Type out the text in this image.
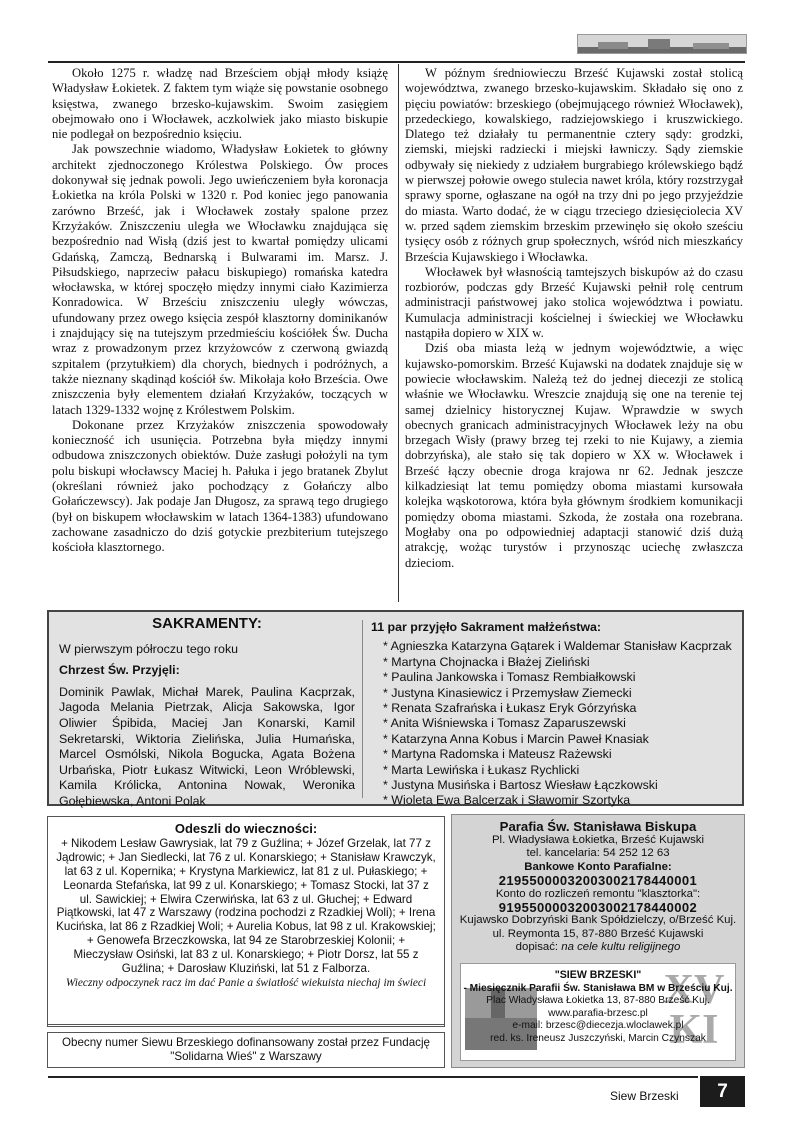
Około 1275 r. władzę nad Brześciem objął młody książę Władysław Łokietek. Z faktem tym wiąże się powstanie osobnego księstwa, zwanego brzesko-kujawskim. Swoim zasięgiem obejmowało ono i Włocławek, aczkolwiek jako miasto biskupie nie podlegał on bezpośrednio księciu.

Jak powszechnie wiadomo, Władysław Łokietek to główny architekt zjednoczonego Królestwa Polskiego. Ów proces dokonywał się jednak powoli. Jego uwieńczeniem była koronacja Łokietka na króla Polski w 1320 r. Pod koniec jego panowania zarówno Brześć, jak i Włocławek zostały spalone przez Krzyżaków. Zniszczeniu uległa we Włocławku znajdująca się bezpośrednio nad Wisłą (dziś jest to kwartał pomiędzy ulicami Gdańską, Zamczą, Bednarską i Bulwarami im. Marsz. J. Piłsudskiego, naprzeciw pałacu biskupiego) romańska katedra włocławska, w której spoczęło między innymi ciało Kazimierza Konradowica. W Brześciu zniszczeniu uległy wówczas, ufundowany przez owego księcia zespół klasztorny dominikanów i znajdujący się na tutejszym przedmieściu kościółek Św. Ducha wraz z prowadzonym przez krzyżowców z czerwoną gwiazdą szpitalem (przytułkiem) dla chorych, biednych i podróżnych, a także nieznany skądinąd kościół św. Mikołaja koło Brześcia. Owe zniszczenia były elementem działań Krzyżaków, toczących w latach 1329-1332 wojnę z Królestwem Polskim.

Dokonane przez Krzyżaków zniszczenia spowodowały konieczność ich usunięcia. Potrzebna była między innymi odbudowa zniszczonych obiektów. Duże zasługi położyli na tym polu biskupi włocławscy Maciej h. Pałuka i jego bratanek Zbylut (określani również jako pochodzący z Gołańczy albo Gołańczewscy). Jak podaje Jan Długosz, za sprawą tego drugiego (był on biskupem włocławskim w latach 1364-1383) ufundowano zachowane zasadniczo do dziś gotyckie prezbiterium tutejszego kościoła klasztornego.

W późnym średniowieczu Brześć Kujawski został stolicą województwa, zwanego brzesko-kujawskim. Składało się ono z pięciu powiatów: brzeskiego (obejmującego również Włocławek), przedeckiego, kowalskiego, radziejowskiego i kruszwickiego. Dlatego też działały tu permanentnie cztery sądy: grodzki, ziemski, miejski radziecki i miejski ławniczy. Sądy ziemskie odbywały się niekiedy z udziałem burgrabiego królewskiego bądź w pierwszej połowie owego stulecia nawet króla, który rozstrzygał sprawy sporne, ogłaszane na ogół na trzy dni po jego przyjeździe do miasta. Warto dodać, że w ciągu trzeciego dziesięciolecia XV w. przed sądem ziemskim brzeskim przewinęło się około sześciu tysięcy osób z różnych grup społecznych, wśród nich mieszkańcy Brześcia Kujawskiego i Włocławka.

Włocławek był własnością tamtejszych biskupów aż do czasu rozbiorów, podczas gdy Brześć Kujawski pełnił rolę centrum administracji państwowej jako stolica województwa i powiatu. Kumulacja administracji kościelnej i świeckiej we Włocławku nastąpiła dopiero w XIX w.

Dziś oba miasta leżą w jednym województwie, a więc kujawsko-pomorskim. Brześć Kujawski na dodatek znajduje się w powiecie włocławskim. Należą też do jednej diecezji ze stolicą właśnie we Włocławku. Wreszcie znajdują się one na terenie tej samej dzielnicy historycznej Kujaw. Wprawdzie w swych obecnych granicach administracyjnych Włocławek leży na obu brzegach Wisły (prawy brzeg tej rzeki to nie Kujawy, a ziemia dobrzyńska), ale stało się tak dopiero w XX w. Włocławek i Brześć łączy obecnie droga krajowa nr 62. Jednak jeszcze kilkadziesiąt lat temu pomiędzy oboma miastami kursowała kolejka wąskotorowa, która była głównym środkiem komunikacji pomiędzy oboma miastami. Szkoda, że została ona rozebrana. Mogłaby ona po odpowiedniej adaptacji stanowić dziś dużą atrakcję, wożąc turystów i przynosząc uciechę zwłaszcza dzieciom.

SAKRAMENTY:
W pierwszym półroczu tego roku
Chrzest Św. Przyjęli:
Dominik Pawlak, Michał Marek, Paulina Kacprzak, Jagoda Melania Pietrzak, Alicja Sakowska, Igor Oliwier Śpibida, Maciej Jan Konarski, Kamil Sekretarski, Wiktoria Zielińska, Julia Humańska, Marcel Osmólski, Nikola Bogucka, Agata Bożena Urbańska, Piotr Łukasz Witwicki, Leon Wróblewski, Kamila Królicka, Antonina Nowak, Weronika Gołębiewska, Antoni Polak
11 par przyjęło Sakrament małżeństwa:
* Agnieszka Katarzyna Gątarek i Waldemar Stanisław Kacprzak
* Martyna Chojnacka i Błażej Zieliński
* Paulina Jankowska i Tomasz Rembiałkowski
* Justyna Kinasiewicz i Przemysław Ziemecki
* Renata Szafrańska i Łukasz Eryk Górzyńska
* Anita Wiśniewska i Tomasz Zaparuszewski
* Katarzyna Anna Kobus i Marcin Paweł Knasiak
* Martyna Radomska i Mateusz Rażewski
* Marta Lewińska i Łukasz Rychlicki
* Justyna Musińska i Bartosz Wiesław Łączkowski
* Wioleta Ewa Balcerzak i Sławomir Szortyka
Odeszli do wieczności:
+ Nikodem Lesław Gawrysiak, lat 79 z Guźlina; + Józef Grzelak, lat 77 z Jądrowic; + Jan Siedlecki, lat 76 z ul. Konarskiego; + Stanisław Krawczyk, lat 63 z ul. Kopernika; + Krystyna Markiewicz, lat 81 z ul. Pułaskiego; + Leonarda Stefańska, lat 99 z ul. Konarskiego; + Tomasz Stocki, lat 37 z ul. Sawickiej; + Elwira Czerwińska, lat 63 z ul. Głuchej; + Edward Piątkowski, lat 47 z Warszawy (rodzina pochodzi z Rzadkiej Woli); + Irena Kucińska, lat 86 z Rzadkiej Woli; + Aurelia Kobus, lat 98 z ul. Krakowskiej; + Genowefa Brzeczkowska, lat 94 ze Starobrzeskiej Kolonii; + Mieczysław Osiński, lat 83 z ul. Konarskiego; + Piotr Dorsz, lat 55 z Guźlina; + Darosław Kluziński, lat 51 z Falborza.
Wieczny odpoczynek racz im dać Panie a światłość wiekuista niechaj im świeci
Obecny numer Siewu Brzeskiego dofinansowany został przez Fundację "Solidarna Wieś" z Warszawy
Parafia Św. Stanisława Biskupa
Pl. Władysława Łokietka, Brześć Kujawski
tel. kancelaria: 54 252 12 63
Bankowe Konto Parafialne:
21955000032003002178440001
Konto do rozliczeń remontu "klasztorka":
91955000032003002178440002
Kujawsko Dobrzyński Bank Spółdzielczy, o/Brześć Kuj.
ul. Reymonta 15, 87-880 Brześć Kujawski
dopisać: na cele kultu religijnego
XV
KI
"SIEW BRZESKI"
- Miesięcznik Parafii Św. Stanisława BM w Brześciu Kuj.
Plac Władysława Łokietka 13, 87-880 Brześć Kuj.
www.parafia-brzesc.pl
e-mail: brzesc@diecezja.wloclawek.pl
red. ks. Ireneusz Juszczyński, Marcin Czynszak
Siew Brzeski	7
